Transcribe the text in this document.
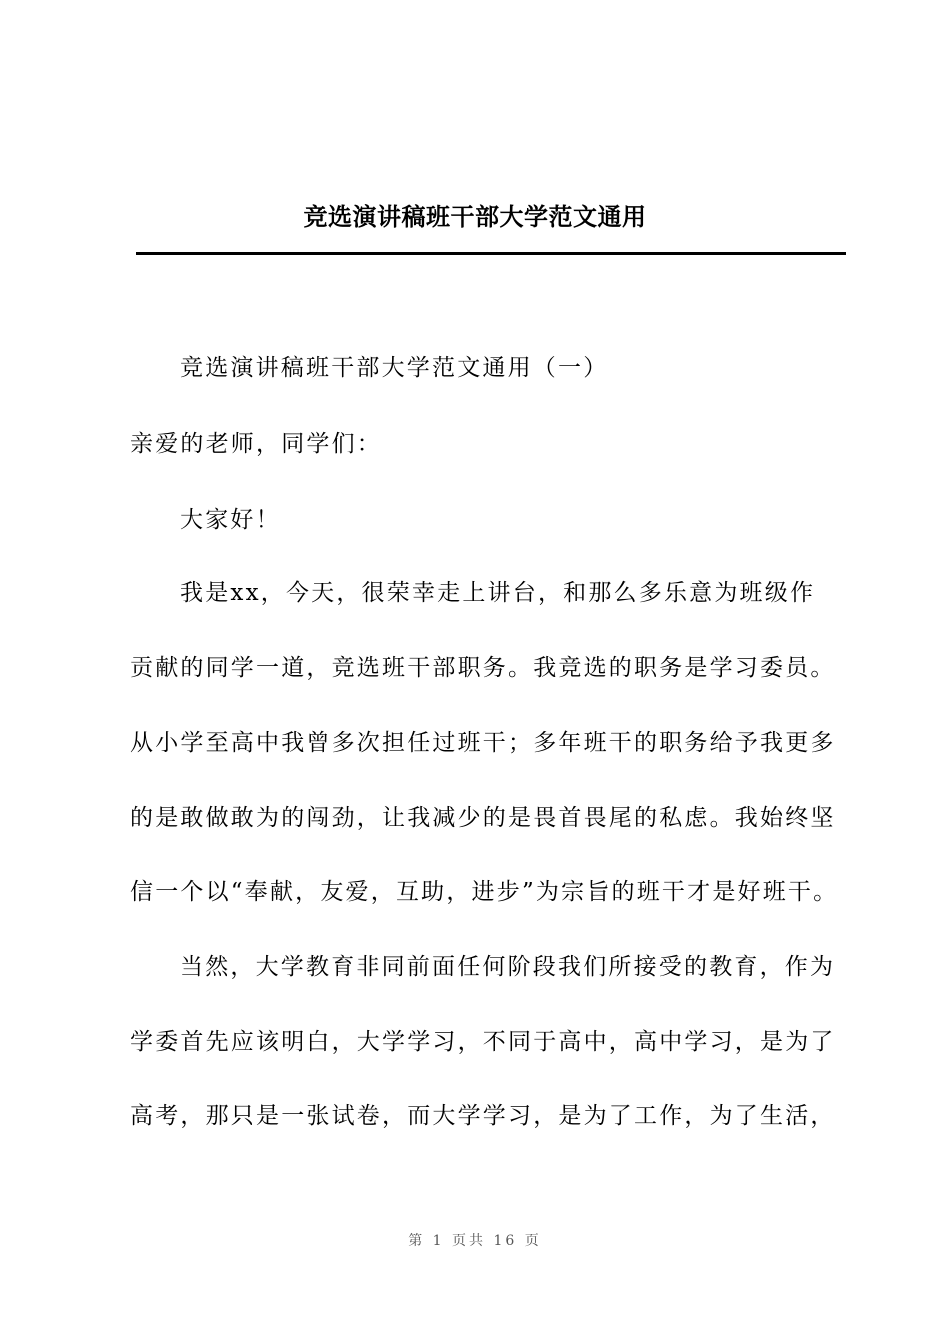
竞选演讲稿班干部大学范文通用
竞选演讲稿班干部大学范文通用（一）
亲爱的老师，同学们：
大家好！
我是xx，今天，很荣幸走上讲台，和那么多乐意为班级作
贡献的同学一道，竞选班干部职务。我竞选的职务是学习委员。
从小学至高中我曾多次担任过班干；多年班干的职务给予我更多
的是敢做敢为的闯劲，让我减少的是畏首畏尾的私虑。我始终坚
信一个以“奉献，友爱，互助，进步”为宗旨的班干才是好班干。
当然，大学教育非同前面任何阶段我们所接受的教育，作为
学委首先应该明白，大学学习，不同于高中，高中学习，是为了
高考，那只是一张试卷，而大学学习，是为了工作，为了生活，
第 1 页共 16 页
